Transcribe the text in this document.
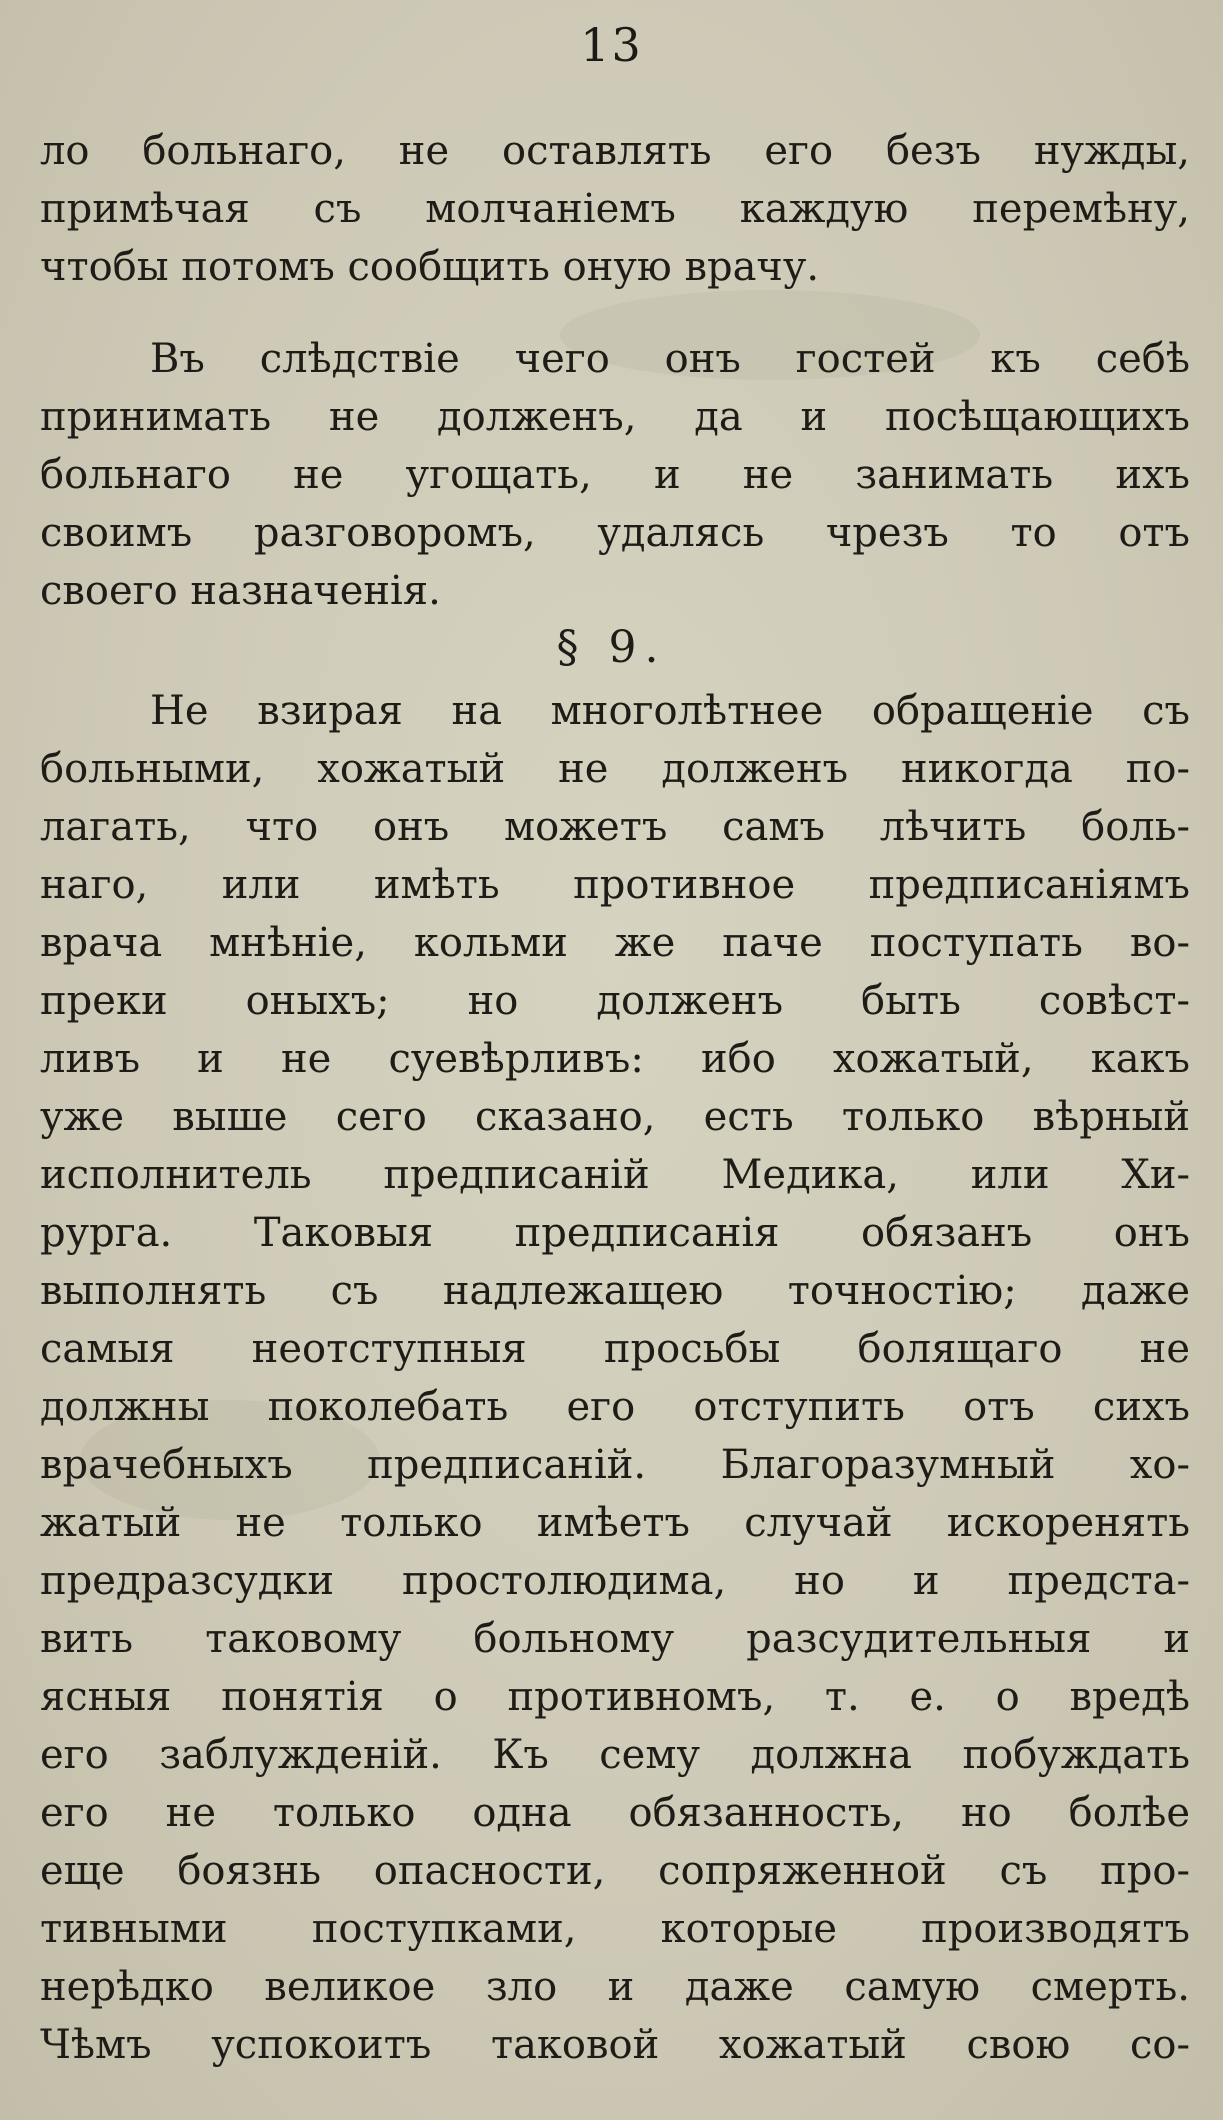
13
ло больнаго, не оставлять его безъ нужды,
примѣчая съ молчаніемъ каждую перемѣну,
чтобы потомъ сообщить оную врачу.
Въ слѣдствіе чего онъ гостей къ себѣ
принимать не долженъ, да и посѣщающихъ
больнаго не угощать, и не занимать ихъ
своимъ разговоромъ, удалясь чрезъ то отъ
своего назначенія.
§ 9.
Не взирая на многолѣтнее обращеніе съ
больными, хожатый не долженъ никогда по-
лагать, что онъ можетъ самъ лѣчить боль-
наго, или имѣть противное предписаніямъ
врача мнѣніе, кольми же паче поступать во-
преки оныхъ; но долженъ быть совѣст-
ливъ и не суевѣрливъ: ибо хожатый, какъ
уже выше сего сказано, есть только вѣрный
исполнитель предписаній Медика, или Хи-
рурга. Таковыя предписанія обязанъ онъ
выполнять съ надлежащею точностію; даже
самыя неотступныя просьбы болящаго не
должны поколебать его отступить отъ сихъ
врачебныхъ предписаній. Благоразумный хо-
жатый не только имѣетъ случай искоренять
предразсудки простолюдима, но и предста-
вить таковому больному разсудительныя и
ясныя понятія о противномъ, т. е. о вредѣ
его заблужденій. Къ сему должна побуждать
его не только одна обязанность, но болѣе
еще боязнь опасности, сопряженной съ про-
тивными поступками, которые производятъ
нерѣдко великое зло и даже самую смерть.
Чѣмъ успокоитъ таковой хожатый свою со-
